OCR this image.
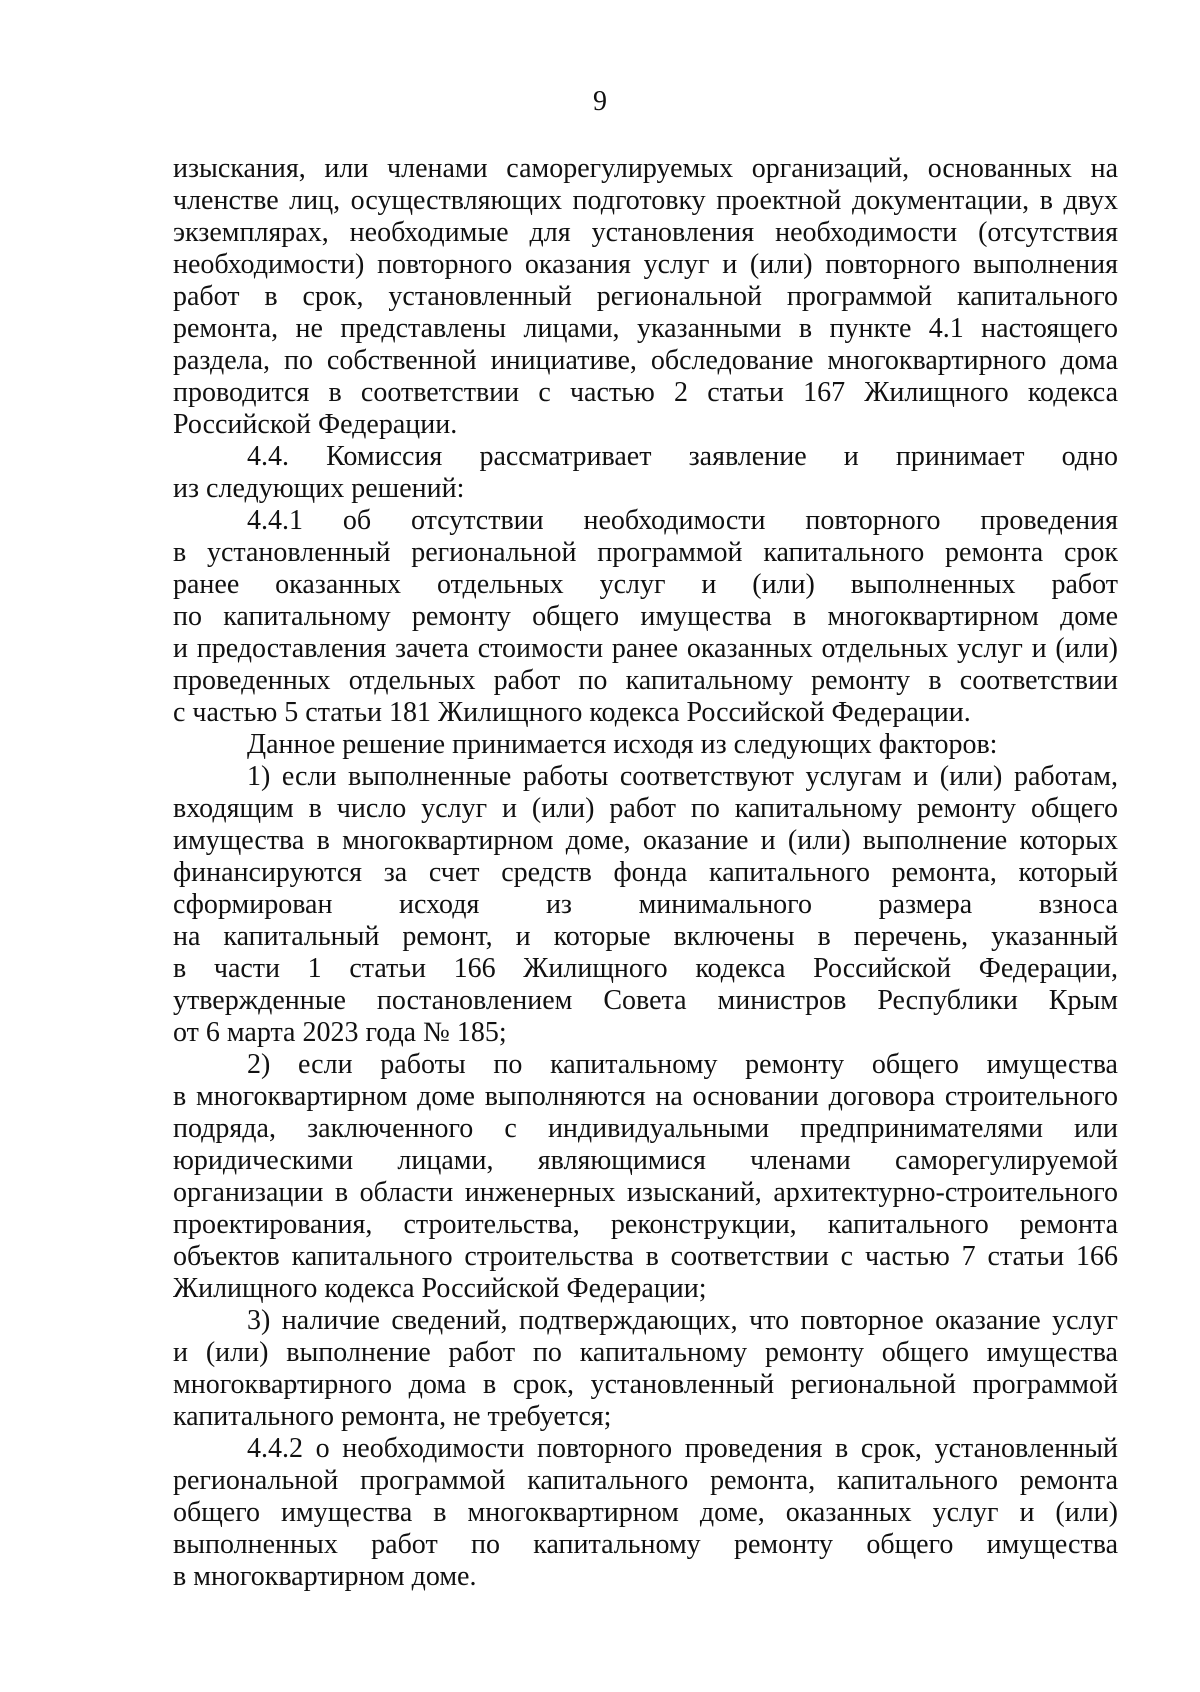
9
изыскания, или членами саморегулируемых организаций, основанных на
членстве лиц, осуществляющих подготовку проектной документации, в двух
экземплярах, необходимые для установления необходимости (отсутствия
необходимости) повторного оказания услуг и (или) повторного выполнения
работ в срок, установленный региональной программой капитального
ремонта, не представлены лицами, указанными в пункте 4.1 настоящего
раздела, по собственной инициативе, обследование многоквартирного дома
проводится в соответствии с частью 2 статьи 167 Жилищного кодекса
Российской Федерации.
4.4. Комиссия рассматривает заявление и принимает одно
из следующих решений:
4.4.1 об отсутствии необходимости повторного проведения
в установленный региональной программой капитального ремонта срок
ранее оказанных отдельных услуг и (или) выполненных работ
по капитальному ремонту общего имущества в многоквартирном доме
и предоставления зачета стоимости ранее оказанных отдельных услуг и (или)
проведенных отдельных работ по капитальному ремонту в соответствии
с частью 5 статьи 181 Жилищного кодекса Российской Федерации.
Данное решение принимается исходя из следующих факторов:
1) если выполненные работы соответствуют услугам и (или) работам,
входящим в число услуг и (или) работ по капитальному ремонту общего
имущества в многоквартирном доме, оказание и (или) выполнение которых
финансируются за счет средств фонда капитального ремонта, который
сформирован исходя из минимального размера взноса
на капитальный ремонт, и которые включены в перечень, указанный
в части 1 статьи 166 Жилищного кодекса Российской Федерации,
утвержденные постановлением Совета министров Республики Крым
от 6 марта 2023 года № 185;
2) если работы по капитальному ремонту общего имущества
в многоквартирном доме выполняются на основании договора строительного
подряда, заключенного с индивидуальными предпринимателями или
юридическими лицами, являющимися членами саморегулируемой
организации в области инженерных изысканий, архитектурно-строительного
проектирования, строительства, реконструкции, капитального ремонта
объектов капитального строительства в соответствии с частью 7 статьи 166
Жилищного кодекса Российской Федерации;
3) наличие сведений, подтверждающих, что повторное оказание услуг
и (или) выполнение работ по капитальному ремонту общего имущества
многоквартирного дома в срок, установленный региональной программой
капитального ремонта, не требуется;
4.4.2 о необходимости повторного проведения в срок, установленный
региональной программой капитального ремонта, капитального ремонта
общего имущества в многоквартирном доме, оказанных услуг и (или)
выполненных работ по капитальному ремонту общего имущества
в многоквартирном доме.
